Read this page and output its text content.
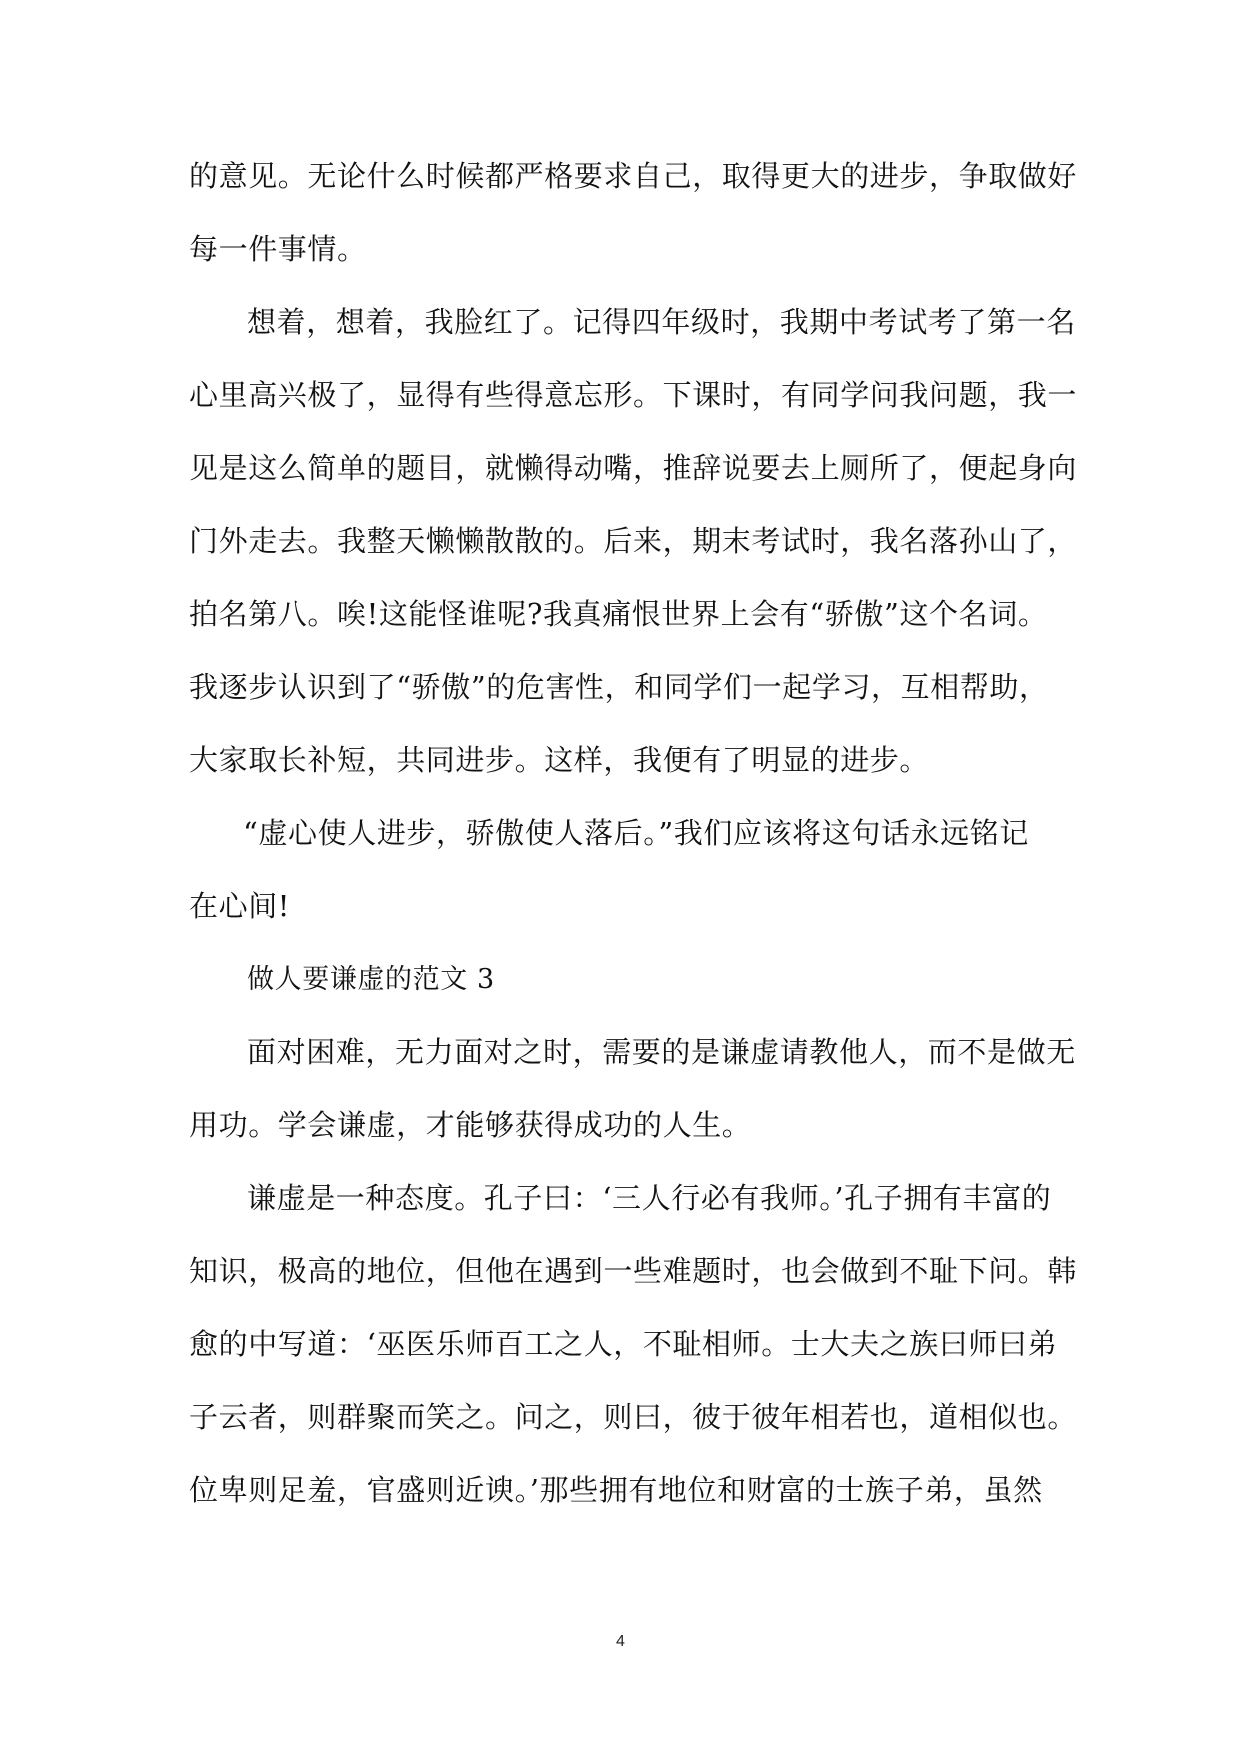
的意见。无论什么时候都严格要求自己，取得更大的进步，争取做好
每一件事情。
想着，想着，我脸红了。记得四年级时，我期中考试考了第一名
心里高兴极了，显得有些得意忘形。下课时，有同学问我问题，我一
见是这么简单的题目，就懒得动嘴，推辞说要去上厕所了，便起身向
门外走去。我整天懒懒散散的。后来，期末考试时，我名落孙山了，
拍名第八。唉!这能怪谁呢?我真痛恨世界上会有“骄傲”这个名词。
我逐步认识到了“骄傲”的危害性，和同学们一起学习，互相帮助，
大家取长补短，共同进步。这样，我便有了明显的进步。
“虚心使人进步，骄傲使人落后。”我们应该将这句话永远铭记
在心间!
做人要谦虚的范文 3
面对困难，无力面对之时，需要的是谦虚请教他人，而不是做无
用功。学会谦虚，才能够获得成功的人生。
谦虚是一种态度。孔子曰：‘三人行必有我师。’孔子拥有丰富的
知识，极高的地位，但他在遇到一些难题时，也会做到不耻下问。韩
愈的中写道：‘巫医乐师百工之人，不耻相师。士大夫之族曰师曰弟
子云者，则群聚而笑之。问之，则曰，彼于彼年相若也，道相似也。
位卑则足羞，官盛则近谀。’那些拥有地位和财富的士族子弟，虽然
4
